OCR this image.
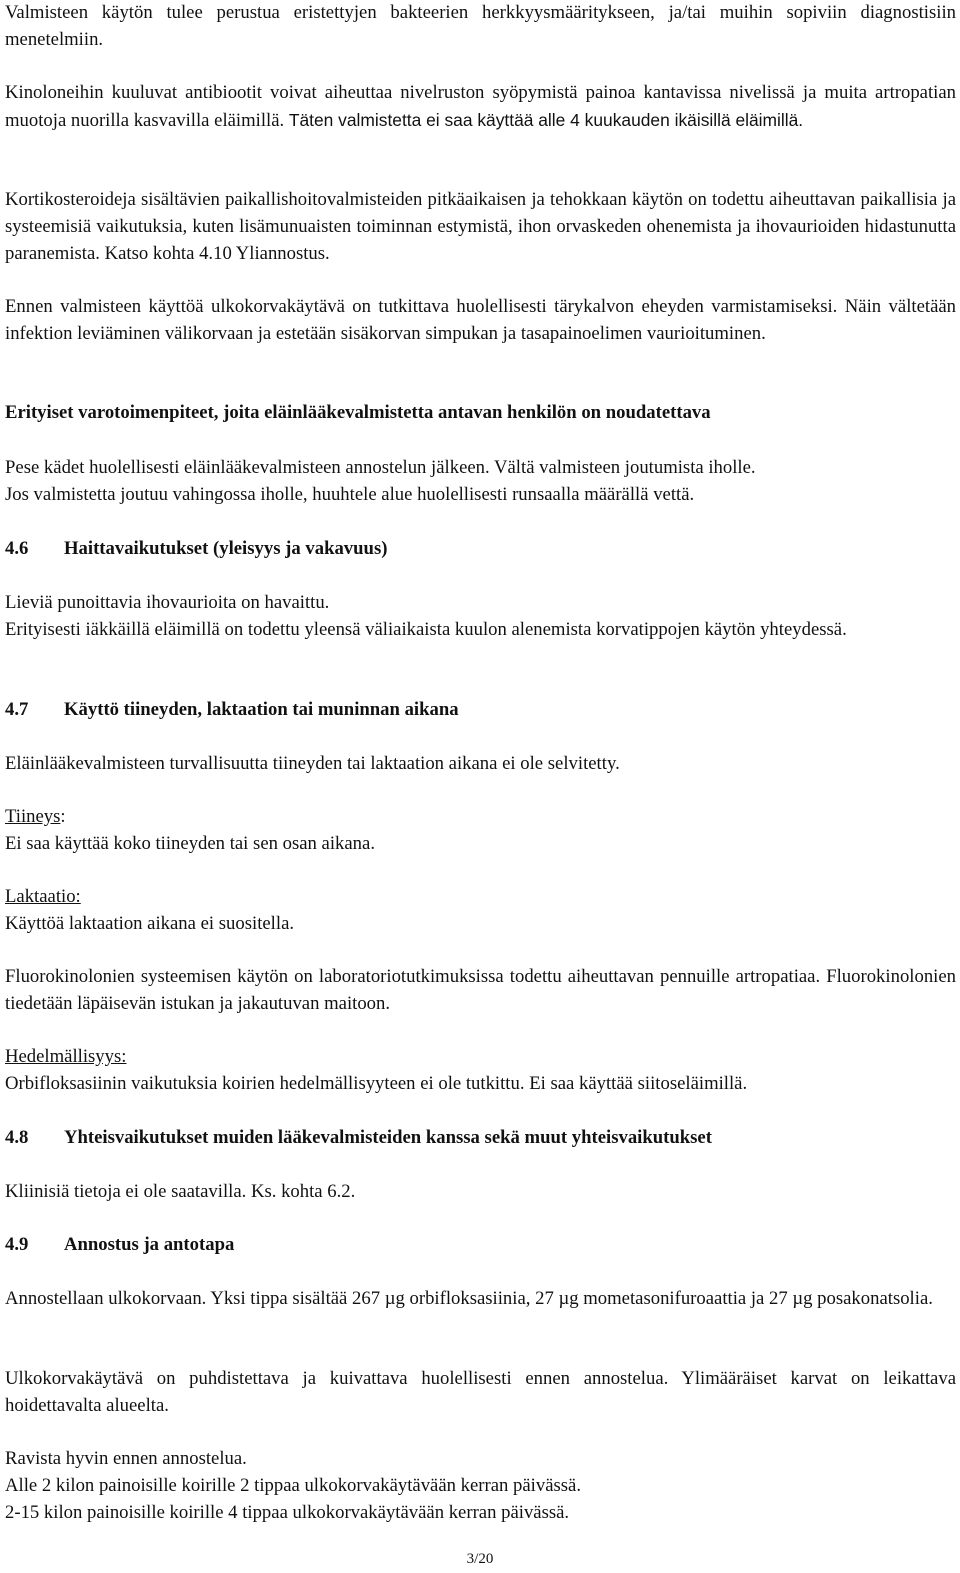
Valmisteen käytön tulee perustua eristettyjen bakteerien herkkyysmääritykseen, ja/tai muihin sopiviin diagnostisiin menetelmiin.

Kinoloneihin kuuluvat antibiootit voivat aiheuttaa nivelruston syöpymistä painoa kantavissa nivelissä ja muita artropatian muotoja nuorilla kasvavilla eläimillä. Täten valmistetta ei saa käyttää alle 4 kuukauden ikäisillä eläimillä.

Kortikosteroideja sisältävien paikallishoitovalmisteiden pitkäaikaisen ja tehokkaan käytön on todettu aiheuttavan paikallisia ja systeemisiä vaikutuksia, kuten lisämunuaisten toiminnan estymistä, ihon orvaskeden ohenemista ja ihovaurioiden hidastunutta paranemista. Katso kohta 4.10 Yliannostus.

Ennen valmisteen käyttöä ulkokorvakäytävä on tutkittava huolellisesti tärykalvon eheyden varmistamiseksi. Näin vältetään infektion leviäminen välikorvaan ja estetään sisäkorvan simpukan ja tasapainoelimen vaurioituminen.

Erityiset varotoimenpiteet, joita eläinlääkevalmistetta antavan henkilön on noudatettava

Pese kädet huolellisesti eläinlääkevalmisteen annostelun jälkeen. Vältä valmisteen joutumista iholle.
Jos valmistetta joutuu vahingossa iholle, huuhtele alue huolellisesti runsaalla määrällä vettä.

4.6 Haittavaikutukset (yleisyys ja vakavuus)

Lieviä punoittavia ihovaurioita on havaittu.

Erityisesti iäkkäillä eläimillä on todettu yleensä väliaikaista kuulon alenemista korvatippojen käytön yhteydessä.

4.7 Käyttö tiineyden, laktaation tai muninnan aikana

Eläinlääkevalmisteen turvallisuutta tiineyden tai laktaation aikana ei ole selvitetty.

Tiineys:
Ei saa käyttää koko tiineyden tai sen osan aikana.

Laktaatio:
Käyttöä laktaation aikana ei suositella.

Fluorokinolonien systeemisen käytön on laboratoriotutkimuksissa todettu aiheuttavan pennuille artropatiaa. Fluorokinolonien tiedetään läpäisevän istukan ja jakautuvan maitoon.

Hedelmällisyys:
Orbifloksasiinin vaikutuksia koirien hedelmällisyyteen ei ole tutkittu. Ei saa käyttää siitoseläimillä.

4.8 Yhteisvaikutukset muiden lääkevalmisteiden kanssa sekä muut yhteisvaikutukset

Kliinisiä tietoja ei ole saatavilla. Ks. kohta 6.2.

4.9 Annostus ja antotapa

Annostellaan ulkokorvaan. Yksi tippa sisältää 267 µg orbifloksasiinia, 27 µg mometasonifuroaattia ja 27 µg posakonatsolia.

Ulkokorvakäytävä on puhdistettava ja kuivattava huolellisesti ennen annostelua. Ylimääräiset karvat on leikattava hoidettavalta alueelta.

Ravista hyvin ennen annostelua.
Alle 2 kilon painoisille koirille 2 tippaa ulkokorvakäytävään kerran päivässä.
2-15 kilon painoisille koirille 4 tippaa ulkokorvakäytävään kerran päivässä.

3/20
